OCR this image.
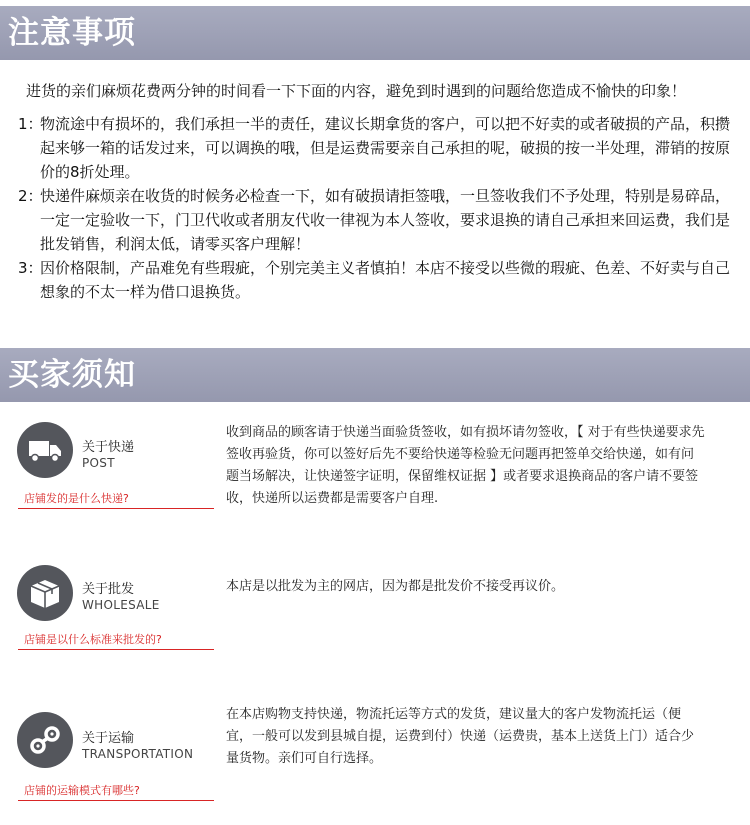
注意事项
进货的亲们麻烦花费两分钟的时间看一下下面的内容，避免到时遇到的问题给您造成不愉快的印象！
1：
物流途中有损坏的，我们承担一半的责任，建议长期拿货的客户，可以把不好卖的或者破损的产品，积攒起来够一箱的话发过来，可以调换的哦，但是运费需要亲自己承担的呢，破损的按一半处理，滞销的按原价的8折处理。
2：
快递件麻烦亲在收货的时候务必检查一下，如有破损请拒签哦，一旦签收我们不予处理，特别是易碎品，一定一定验收一下，门卫代收或者朋友代收一律视为本人签收，要求退换的请自己承担来回运费，我们是批发销售，利润太低，请零买客户理解！
3：
因价格限制，产品难免有些瑕疵，个别完美主义者慎拍！本店不接受以些微的瑕疵、色差、不好卖与自己想象的不太一样为借口退换货。
买家须知
关于快递
POST
店铺发的是什么快递?
收到商品的顾客请于快递当面验货签收，如有损坏请勿签收，【 对于有些快递要求先签收再验货，你可以签好后先不要给快递等检验无问题再把签单交给快递，如有问题当场解决，让快递签字证明，保留维权证据 】或者要求退换商品的客户请不要签收，快递所以运费都是需要客户自理.
关于批发
WHOLESALE
店铺是以什么标准来批发的?
本店是以批发为主的网店，因为都是批发价不接受再议价。
关于运输
TRANSPORTATION
店铺的运输模式有哪些?
在本店购物支持快递，物流托运等方式的发货，建议量大的客户发物流托运（便宜，一般可以发到县城自提，运费到付）快递（运费贵，基本上送货上门）适合少量货物。亲们可自行选择。
